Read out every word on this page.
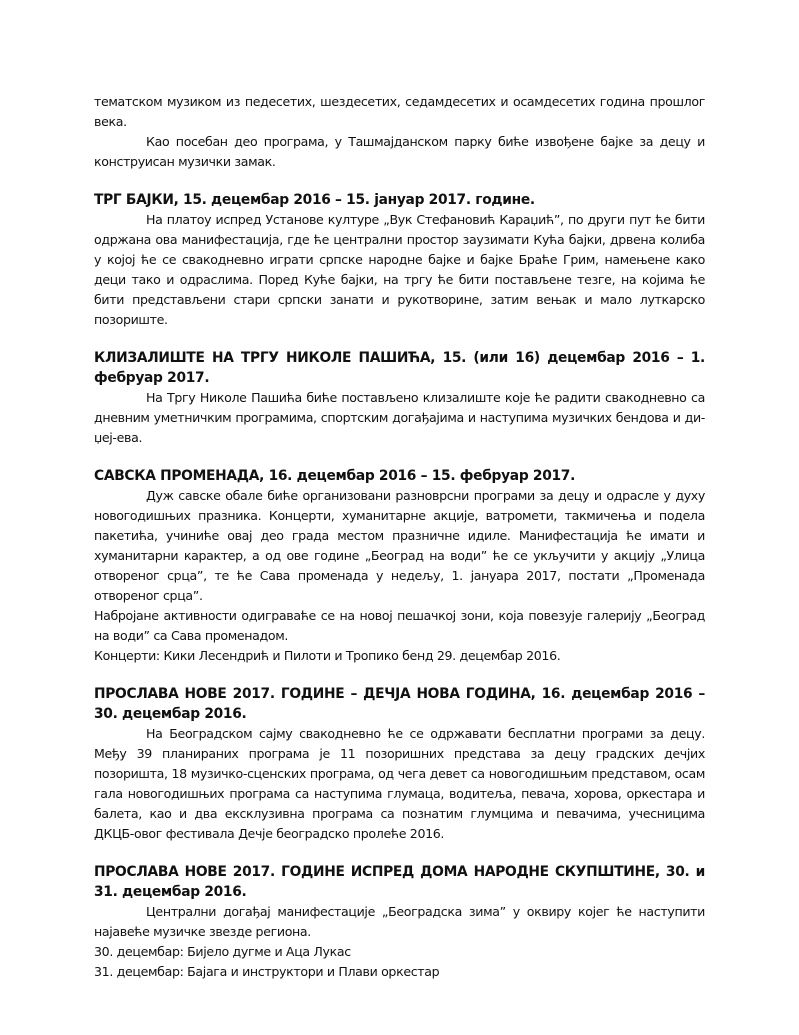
тематском музиком из педесетих, шездесетих, седамдесетих и осамдесетих година прошлог века.

Као посебан део програма, у Ташмајданском парку биће извођене бајке за децу и конструисан музички замак.

ТРГ БАЈКИ, 15. децембар 2016 – 15. јануар 2017. године.

На платоу испред Установе културе „Вук Стефановић Караџић”, по други пут ће бити одржана ова манифестација, где ће централни простор заузимати Кућа бајки, дрвена колиба у којој ће се свакодневно играти српске народне бајке и бајке Браће Грим, намењене како деци тако и одраслима. Поред Куће бајки, на тргу ће бити постављене тезге, на којима ће бити представљени стари српски занати и рукотворине, затим вењак и мало луткарско позориште.

КЛИЗАЛИШТЕ НА ТРГУ НИКОЛЕ ПАШИЋА, 15. (или 16) децембар 2016 – 1. фебруар 2017.

На Тргу Николе Пашића биће постављено клизалиште које ће радити свакодневно са дневним уметничким програмима, спортским догађајима и наступима музичких бендова и ди-џеј-ева.

САВСКА ПРОМЕНАДА, 16. децембар 2016 – 15. фебруар 2017.

Дуж савске обале биће организовани разноврсни програми за децу и одрасле у духу новогодишњих празника. Концерти, хуманитарне акције, ватромети, такмичења и подела пакетића, учиниће овај део града местом празничне идиле. Манифестација ће имати и хуманитарни карактер, а од ове године „Београд на води” ће се укључити у акцију „Улица отвореног срца”, те ће Сава променада у недељу, 1. јануара 2017, постати „Променада отвореног срца”.

Набројане активности одигравaће се на новој пешачкој зони, која повезује галерију „Београд на води” са Сава променадом.

Концерти: Кики Лесендрић и Пилоти и Тропико бенд 29. децембар 2016.

ПРОСЛАВА НОВЕ 2017. ГОДИНЕ – ДЕЧЈА НОВА ГОДИНА, 16. децембар 2016 – 30. децембар 2016.

На Београдском сајму свакодневно ће се одржавати бесплатни програми за децу. Међу 39 планираних програма је 11 позоришних представа за децу градских дечјих позоришта, 18 музичко-сценских програма, од чега девет са новогодишњим представом, осам гала новогодишњих програма са наступима глумаца, водитеља, певача, хорова, оркестара и балета, као и два ексклузивна програма са познатим глумцима и певачима, учесницима ДКЦБ-овог фестивала Дечје београдско пролеће 2016.

ПРОСЛАВА НОВЕ 2017. ГОДИНЕ ИСПРЕД ДОМА НАРОДНЕ СКУПШТИНЕ, 30. и 31. децембар 2016.

Централни догађај манифестације „Београдска зима” у оквиру којег ће наступити најавеће музичке звезде региона.

30. децембар: Бијело дугме и Аца Лукас

31. децембар: Бајага и инструктори и Плави оркестар
